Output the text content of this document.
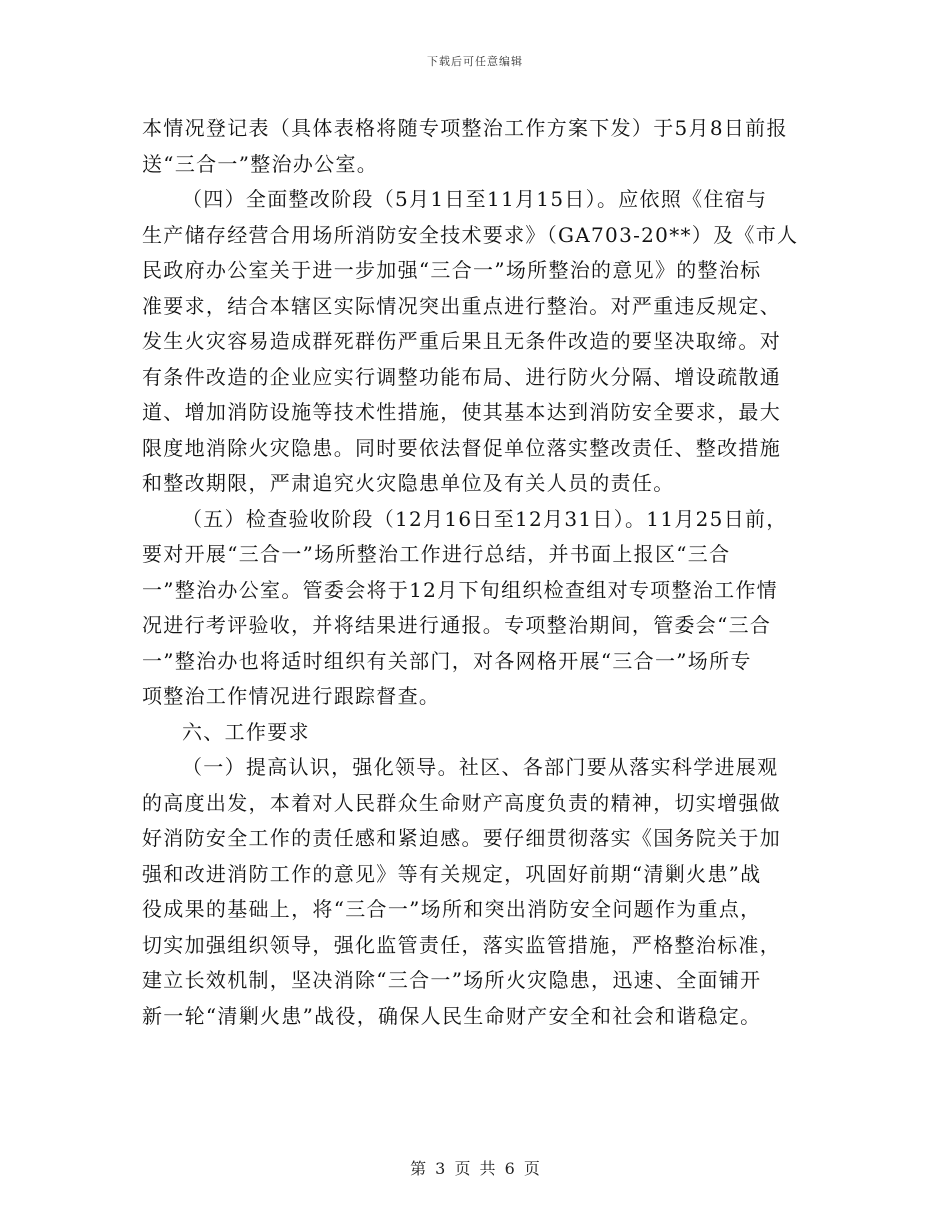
下载后可任意编辑
本情况登记表（具体表格将随专项整治工作方案下发）于5月8日前报
送“三合一”整治办公室。
（四）全面整改阶段（5月1日至11月15日）。应依照《住宿与
生产储存经营合用场所消防安全技术要求》（GA703-20**）及《市人
民政府办公室关于进一步加强“三合一”场所整治的意见》的整治标
准要求，结合本辖区实际情况突出重点进行整治。对严重违反规定、
发生火灾容易造成群死群伤严重后果且无条件改造的要坚决取缔。对
有条件改造的企业应实行调整功能布局、进行防火分隔、增设疏散通
道、增加消防设施等技术性措施，使其基本达到消防安全要求，最大
限度地消除火灾隐患。同时要依法督促单位落实整改责任、整改措施
和整改期限，严肃追究火灾隐患单位及有关人员的责任。
（五）检查验收阶段（12月16日至12月31日）。11月25日前，
要对开展“三合一”场所整治工作进行总结，并书面上报区“三合
一”整治办公室。管委会将于12月下旬组织检查组对专项整治工作情
况进行考评验收，并将结果进行通报。专项整治期间，管委会“三合
一”整治办也将适时组织有关部门，对各网格开展“三合一”场所专
项整治工作情况进行跟踪督查。
六、工作要求
（一）提高认识，强化领导。社区、各部门要从落实科学进展观
的高度出发，本着对人民群众生命财产高度负责的精神，切实增强做
好消防安全工作的责任感和紧迫感。要仔细贯彻落实《国务院关于加
强和改进消防工作的意见》等有关规定，巩固好前期“清剿火患”战
役成果的基础上，将“三合一”场所和突出消防安全问题作为重点，
切实加强组织领导，强化监管责任，落实监管措施，严格整治标准，
建立长效机制，坚决消除“三合一”场所火灾隐患，迅速、全面铺开
新一轮“清剿火患”战役，确保人民生命财产安全和社会和谐稳定。
第 3 页 共 6 页
